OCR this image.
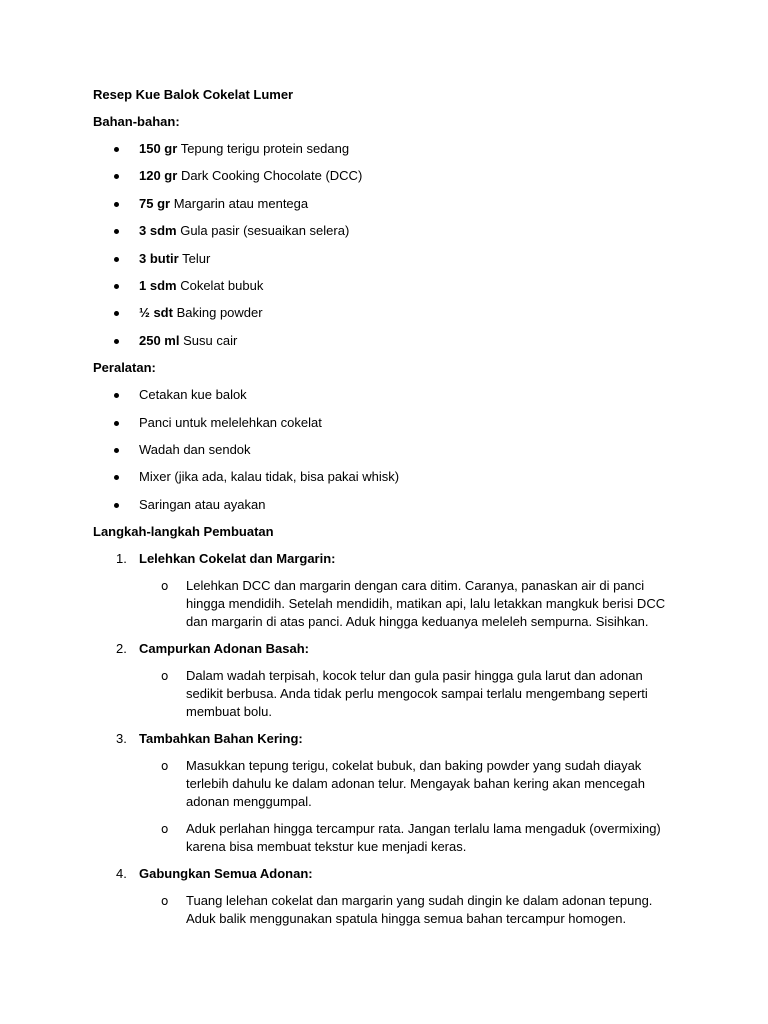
Resep Kue Balok Cokelat Lumer

Bahan-bahan:

150 gr Tepung terigu protein sedang
120 gr Dark Cooking Chocolate (DCC)
75 gr Margarin atau mentega
3 sdm Gula pasir (sesuaikan selera)
3 butir Telur
1 sdm Cokelat bubuk
½ sdt Baking powder
250 ml Susu cair

Peralatan:

Cetakan kue balok
Panci untuk melelehkan cokelat
Wadah dan sendok
Mixer (jika ada, kalau tidak, bisa pakai whisk)
Saringan atau ayakan

Langkah-langkah Pembuatan

1. Lelehkan Cokelat dan Margarin:
o Lelehkan DCC dan margarin dengan cara ditim. Caranya, panaskan air di panci hingga mendidih. Setelah mendidih, matikan api, lalu letakkan mangkuk berisi DCC dan margarin di atas panci. Aduk hingga keduanya meleleh sempurna. Sisihkan.
2. Campurkan Adonan Basah:
o Dalam wadah terpisah, kocok telur dan gula pasir hingga gula larut dan adonan sedikit berbusa. Anda tidak perlu mengocok sampai terlalu mengembang seperti membuat bolu.
3. Tambahkan Bahan Kering:
o Masukkan tepung terigu, cokelat bubuk, dan baking powder yang sudah diayak terlebih dahulu ke dalam adonan telur. Mengayak bahan kering akan mencegah adonan menggumpal.
o Aduk perlahan hingga tercampur rata. Jangan terlalu lama mengaduk (overmixing) karena bisa membuat tekstur kue menjadi keras.
4. Gabungkan Semua Adonan:
o Tuang lelehan cokelat dan margarin yang sudah dingin ke dalam adonan tepung. Aduk balik menggunakan spatula hingga semua bahan tercampur homogen.
